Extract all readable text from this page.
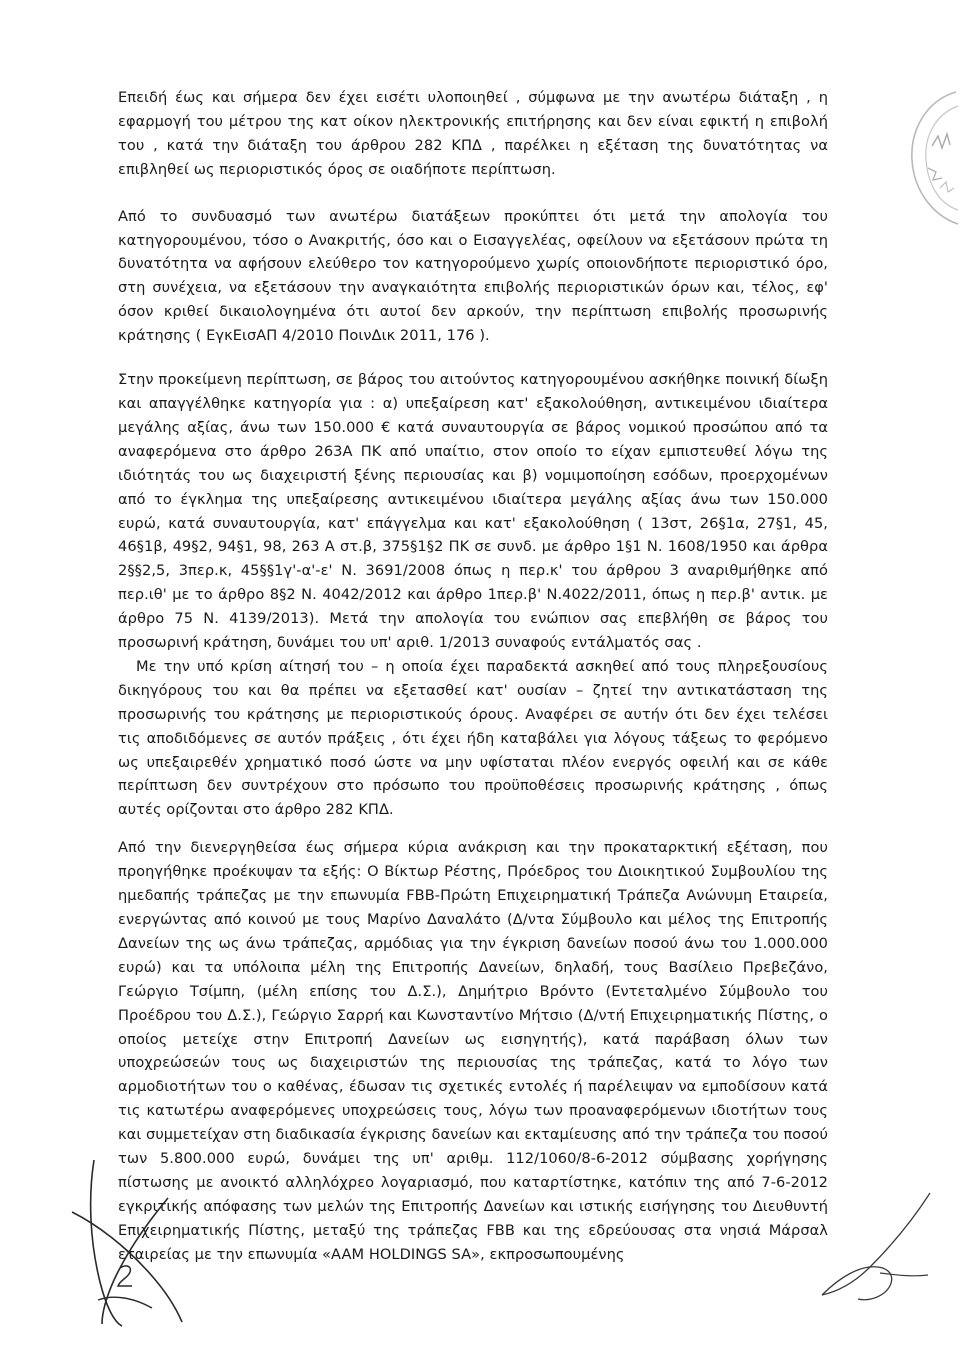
Επειδή έως και σήμερα δεν έχει εισέτι υλοποιηθεί , σύμφωνα με την ανωτέρω διάταξη , η εφαρμογή του μέτρου της κατ οίκον ηλεκτρονικής επιτήρησης και δεν είναι εφικτή η επιβολή του , κατά την διάταξη του άρθρου 282 ΚΠΔ , παρέλκει η εξέταση της δυνατότητας να επιβληθεί ως περιοριστικός όρος σε οιαδήποτε περίπτωση.

Από το συνδυασμό των ανωτέρω διατάξεων προκύπτει ότι μετά την απολογία του κατηγορουμένου, τόσο ο Ανακριτής, όσο και ο Εισαγγελέας, οφείλουν να εξετάσουν πρώτα τη δυνατότητα να αφήσουν ελεύθερο τον κατηγορούμενο χωρίς οποιονδήποτε περιοριστικό όρο, στη συνέχεια, να εξετάσουν την αναγκαιότητα επιβολής περιοριστικών όρων και, τέλος, εφ' όσον κριθεί δικαιολογημένα ότι αυτοί δεν αρκούν, την περίπτωση επιβολής προσωρινής κράτησης ( ΕγκΕισΑΠ 4/2010 ΠοινΔικ 2011, 176 ).

Στην προκείμενη περίπτωση, σε βάρος του αιτούντος κατηγορουμένου ασκήθηκε ποινική δίωξη και απαγγέλθηκε κατηγορία για : α) υπεξαίρεση κατ' εξακολούθηση, αντικειμένου ιδιαίτερα μεγάλης αξίας, άνω των 150.000 € κατά συναυτουργία σε βάρος νομικού προσώπου από τα αναφερόμενα στο άρθρο 263Α ΠΚ από υπαίτιο, στον οποίο το είχαν εμπιστευθεί λόγω της ιδιότητάς του ως διαχειριστή ξένης περιουσίας και β) νομιμοποίηση εσόδων, προερχομένων από το έγκλημα της υπεξαίρεσης αντικειμένου ιδιαίτερα μεγάλης αξίας άνω των 150.000 ευρώ, κατά συναυτουργία, κατ' επάγγελμα και κατ' εξακολούθηση ( 13στ, 26§1α, 27§1, 45, 46§1β, 49§2, 94§1, 98, 263 Α στ.β, 375§1§2 ΠΚ σε συνδ. με άρθρο 1§1 Ν. 1608/1950 και άρθρα 2§§2,5, 3περ.κ, 45§§1γ'-α'-ε' Ν. 3691/2008 όπως η περ.κ' του άρθρου 3 αναριθμήθηκε από περ.ιθ' με το άρθρο 8§2 Ν. 4042/2012 και άρθρο 1περ.β' Ν.4022/2011, όπως η περ.β' αντικ. με άρθρο 75 Ν. 4139/2013). Μετά την απολογία του ενώπιον σας επεβλήθη σε βάρος του προσωρινή κράτηση, δυνάμει του υπ' αριθ. 1/2013 συναφούς εντάλματός σας .

Με την υπό κρίση αίτησή του – η οποία έχει παραδεκτά ασκηθεί από τους πληρεξουσίους δικηγόρους του και θα πρέπει να εξετασθεί κατ' ουσίαν – ζητεί την αντικατάσταση της προσωρινής του κράτησης με περιοριστικούς όρους. Αναφέρει σε αυτήν ότι δεν έχει τελέσει τις αποδιδόμενες σε αυτόν πράξεις , ότι έχει ήδη καταβάλει για λόγους τάξεως το φερόμενο ως υπεξαιρεθέν χρηματικό ποσό ώστε να μην υφίσταται πλέον ενεργός οφειλή και σε κάθε περίπτωση δεν συντρέχουν στο πρόσωπο του προϋποθέσεις προσωρινής κράτησης , όπως αυτές ορίζονται στο άρθρο 282 ΚΠΔ.

Από την διενεργηθείσα έως σήμερα κύρια ανάκριση και την προκαταρκτική εξέταση, που προηγήθηκε προέκυψαν τα εξής: Ο Βίκτωρ Ρέστης, Πρόεδρος του Διοικητικού Συμβουλίου της ημεδαπής τράπεζας με την επωνυμία FBB-Πρώτη Επιχειρηματική Τράπεζα Ανώνυμη Εταιρεία, ενεργώντας από κοινού με τους Μαρίνο Δαναλάτο (Δ/ντα Σύμβουλο και μέλος της Επιτροπής Δανείων της ως άνω τράπεζας, αρμόδιας για την έγκριση δανείων ποσού άνω του 1.000.000 ευρώ) και τα υπόλοιπα μέλη της Επιτροπής Δανείων, δηλαδή, τους Βασίλειο Πρεβεζάνο, Γεώργιο Τσίμπη, (μέλη επίσης του Δ.Σ.), Δημήτριο Βρόντο (Εντεταλμένο Σύμβουλο του Προέδρου του Δ.Σ.), Γεώργιο Σαρρή και Κωνσταντίνο Μήτσιο (Δ/ντή Επιχειρηματικής Πίστης, ο οποίος μετείχε στην Επιτροπή Δανείων ως εισηγητής), κατά παράβαση όλων των υποχρεώσεών τους ως διαχειριστών της περιουσίας της τράπεζας, κατά το λόγο των αρμοδιοτήτων του ο καθένας, έδωσαν τις σχετικές εντολές ή παρέλειψαν να εμποδίσουν κατά τις κατωτέρω αναφερόμενες υποχρεώσεις τους, λόγω των προαναφερόμενων ιδιοτήτων τους και συμμετείχαν στη διαδικασία έγκρισης δανείων και εκταμίευσης από την τράπεζα του ποσού των 5.800.000 ευρώ, δυνάμει της υπ' αριθμ. 112/1060/8-6-2012 σύμβασης χορήγησης πίστωσης με ανοικτό αλληλόχρεο λογαριασμό, που καταρτίστηκε, κατόπιν της από 7-6-2012 εγκριτικής απόφασης των μελών της Επιτροπής Δανείων και ιστικής εισήγησης του Διευθυντή Επιχειρηματικής Πίστης, μεταξύ της τράπεζας FBB και της εδρεύουσας στα νησιά Μάρσαλ εταιρείας με την επωνυμία «AAM HOLDINGS SA», εκπροσωπουμένης
